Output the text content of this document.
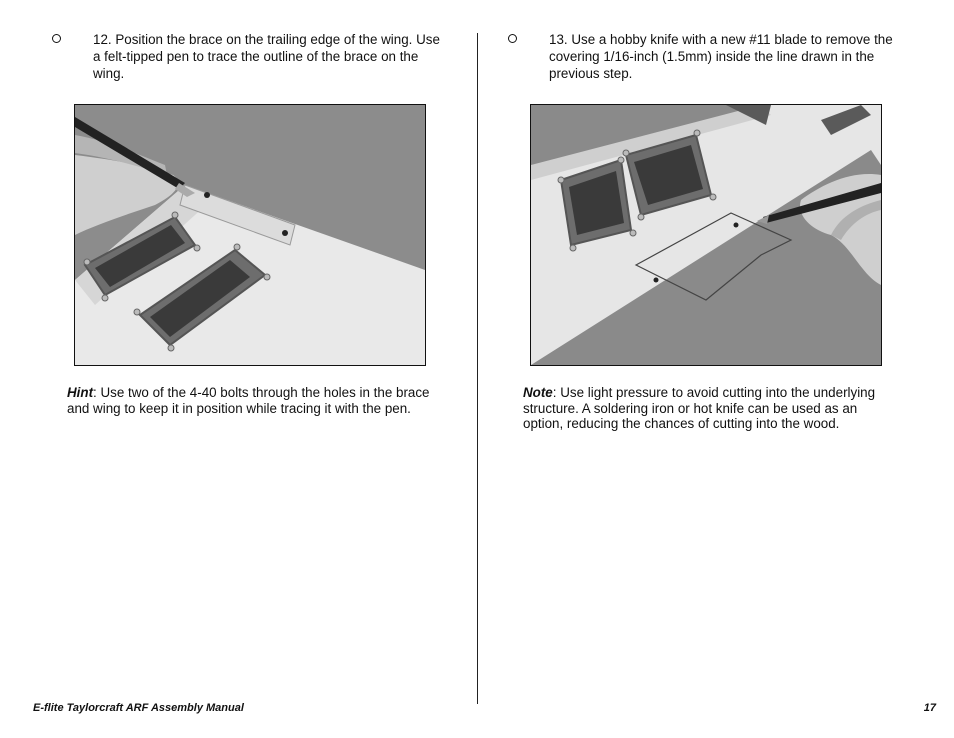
12. Position the brace on the trailing edge of the wing. Use a felt-tipped pen to trace the outline of the brace on the wing.
Hint: Use two of the 4-40 bolts through the holes in the brace and wing to keep it in position while tracing it with the pen.
13. Use a hobby knife with a new #11 blade to remove the covering 1/16-inch (1.5mm) inside the line drawn in the previous step.
Note: Use light pressure to avoid cutting into the underlying structure. A soldering iron or hot knife can be used as an option, reducing the chances of cutting into the wood.
E-flite Taylorcraft ARF Assembly Manual	17
